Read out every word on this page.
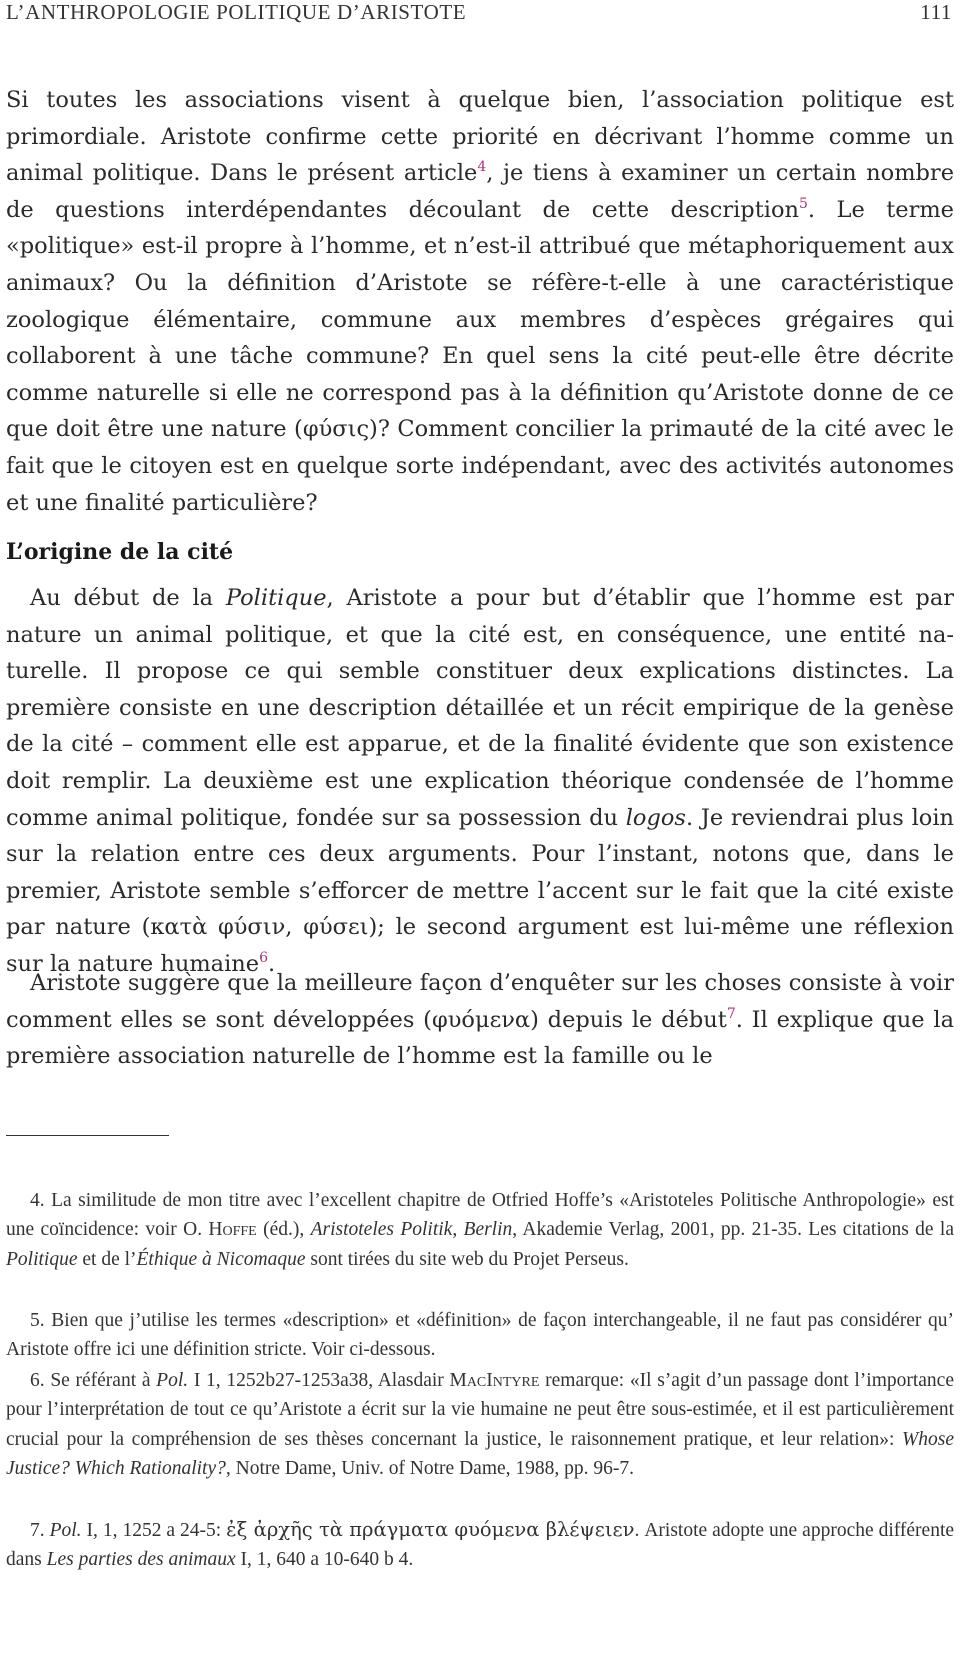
L’ANTHROPOLOGIE POLITIQUE D’ARISTOTE	111

Si toutes les associations visent à quelque bien, l’association politique est primordiale. Aristote confirme cette priorité en décrivant l’homme comme un animal politique. Dans le présent article$^4$, je tiens à examiner un certain nombre de questions interdépendantes découlant de cette description$^5$. Le terme «politique» est-il propre à l’homme, et n’est-il attribué que métaphoriquement aux animaux? Ou la définition d’Aristote se réfère-t-elle à une caractéristique zoologique élémentaire, commune aux membres d’espèces grégaires qui collaborent à une tâche commune? En quel sens la cité peut-elle être décrite comme naturelle si elle ne correspond pas à la définition qu’Aristote donne de ce que doit être une nature (φύσις)? Comment concilier la primauté de la cité avec le fait que le citoyen est en quelque sorte indépendant, avec des activités autonomes et une finalité particulière?

L’origine de la cité

Au début de la Politique, Aristote a pour but d’établir que l’homme est par nature un animal politique, et que la cité est, en conséquence, une entité naturelle. Il propose ce qui semble constituer deux explications distinctes. La première consiste en une description détaillée et un récit empirique de la genèse de la cité – comment elle est apparue, et de la finalité évidente que son existence doit remplir. La deuxième est une explication théorique condensée de l’homme comme animal politique, fondée sur sa possession du logos. Je reviendrai plus loin sur la relation entre ces deux arguments. Pour l’instant, notons que, dans le premier, Aristote semble s’efforcer de mettre l’accent sur le fait que la cité existe par nature (κατὰ φύσιν, φύσει); le second argument est lui-même une réflexion sur la nature humaine$^6$.

Aristote suggère que la meilleure façon d’enquêter sur les choses consiste à voir comment elles se sont développées (φυόμενα) depuis le début$^7$. Il explique que la première association naturelle de l’homme est la famille ou le

4. La similitude de mon titre avec l’excellent chapitre de Otfried Hoffe’s «Aristoteles Politische Anthropologie» est une coïncidence: voir O. Hoffe (éd.), Aristoteles Politik, Berlin, Akademie Verlag, 2001, pp. 21-35. Les citations de la Politique et de l’Éthique à Nicomaque sont tirées du site web du Projet Perseus.

5. Bien que j’utilise les termes «description» et «définition» de façon interchangeable, il ne faut pas considérer qu’ Aristote offre ici une définition stricte. Voir ci-dessous.

6. Se référant à Pol. I 1, 1252b27-1253a38, Alasdair MacIntyre remarque: «Il s’agit d’un passage dont l’importance pour l’interprétation de tout ce qu’Aristote a écrit sur la vie humaine ne peut être sous-estimée, et il est particulièrement crucial pour la compréhension de ses thèses concernant la justice, le raisonnement pratique, et leur relation»: Whose Justice? Which Rationality?, Notre Dame, Univ. of Notre Dame, 1988, pp. 96-7.

7. Pol. I, 1, 1252 a 24-5: ἐξ ἀρχῆς τὰ πράγματα φυόμενα βλέψειεν. Aristote adopte une approche différente dans Les parties des animaux I, 1, 640 a 10-640 b 4.
